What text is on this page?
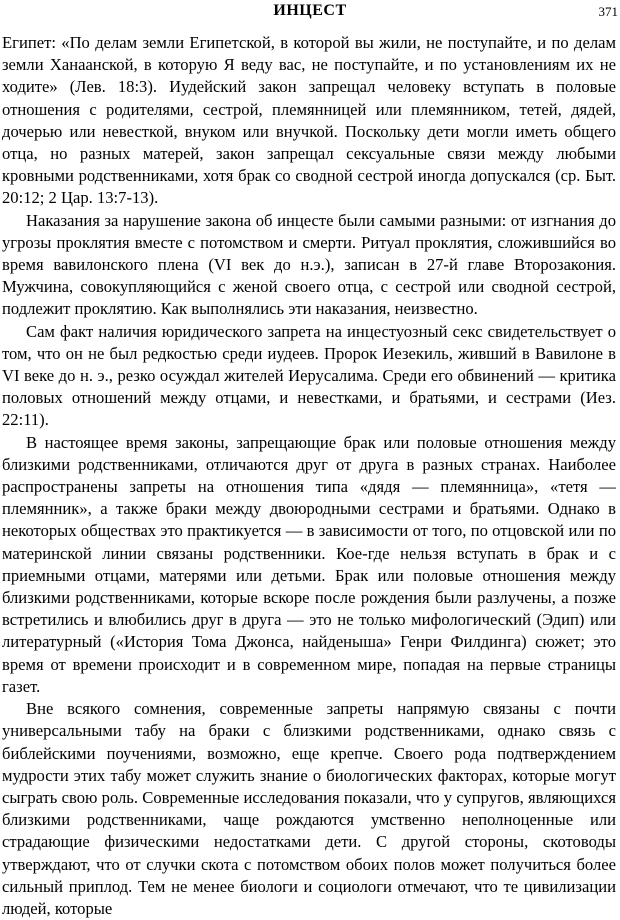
ИНЦЕСТ	371

Египет: «По делам земли Египетской, в которой вы жили, не поступайте, и по делам земли Ханаанской, в которую Я веду вас, не поступайте, и по установлениям их не ходите» (Лев. 18:3). Иудейский закон запрещал человеку вступать в половые отношения с родителями, сестрой, племянницей или племянником, тетей, дядей, дочерью или невесткой, внуком или внучкой. Поскольку дети могли иметь общего отца, но разных матерей, закон запрещал сексуальные связи между любыми кровными родственниками, хотя брак со сводной сестрой иногда допускался (ср. Быт. 20:12; 2 Цар. 13:7-13).

Наказания за нарушение закона об инцесте были самыми разными: от изгнания до угрозы проклятия вместе с потомством и смерти. Ритуал проклятия, сложившийся во время вавилонского плена (VI век до н.э.), записан в 27-й главе Второзакония. Мужчина, совокупляющийся с женой своего отца, с сестрой или сводной сестрой, подлежит проклятию. Как выполнялись эти наказания, неизвестно.

Сам факт наличия юридического запрета на инцестуозный секс свидетельствует о том, что он не был редкостью среди иудеев. Пророк Иезекиль, живший в Вавилоне в VI веке до н. э., резко осуждал жителей Иерусалима. Среди его обвинений — критика половых отношений между отцами, и невестками, и братьями, и сестрами (Иез. 22:11).

В настоящее время законы, запрещающие брак или половые отношения между близкими родственниками, отличаются друг от друга в разных странах. Наиболее распространены запреты на отношения типа «дядя — племянница», «тетя — племянник», а также браки между двоюродными сестрами и братьями. Однако в некоторых обществах это практикуется — в зависимости от того, по отцовской или по материнской линии связаны родственники. Кое-где нельзя вступать в брак и с приемными отцами, матерями или детьми. Брак или половые отношения между близкими родственниками, которые вскоре после рождения были разлучены, а позже встретились и влюбились друг в друга — это не только мифологический (Эдип) или литературный («История Тома Джонса, найденыша» Генри Филдинга) сюжет; это время от времени происходит и в современном мире, попадая на первые страницы газет.

Вне всякого сомнения, современные запреты напрямую связаны с почти универсальными табу на браки с близкими родственниками, однако связь с библейскими поучениями, возможно, еще крепче. Своего рода подтверждением мудрости этих табу может служить знание о биологических факторах, которые могут сыграть свою роль. Современные исследования показали, что у супругов, являющихся близкими родственниками, чаще рождаются умственно неполноценные или страдающие физическими недостатками дети. С другой стороны, скотоводы утверждают, что от случки скота с потомством обоих полов может получиться более сильный приплод. Тем не менее биологи и социологи отмечают, что те цивилизации людей, которые
